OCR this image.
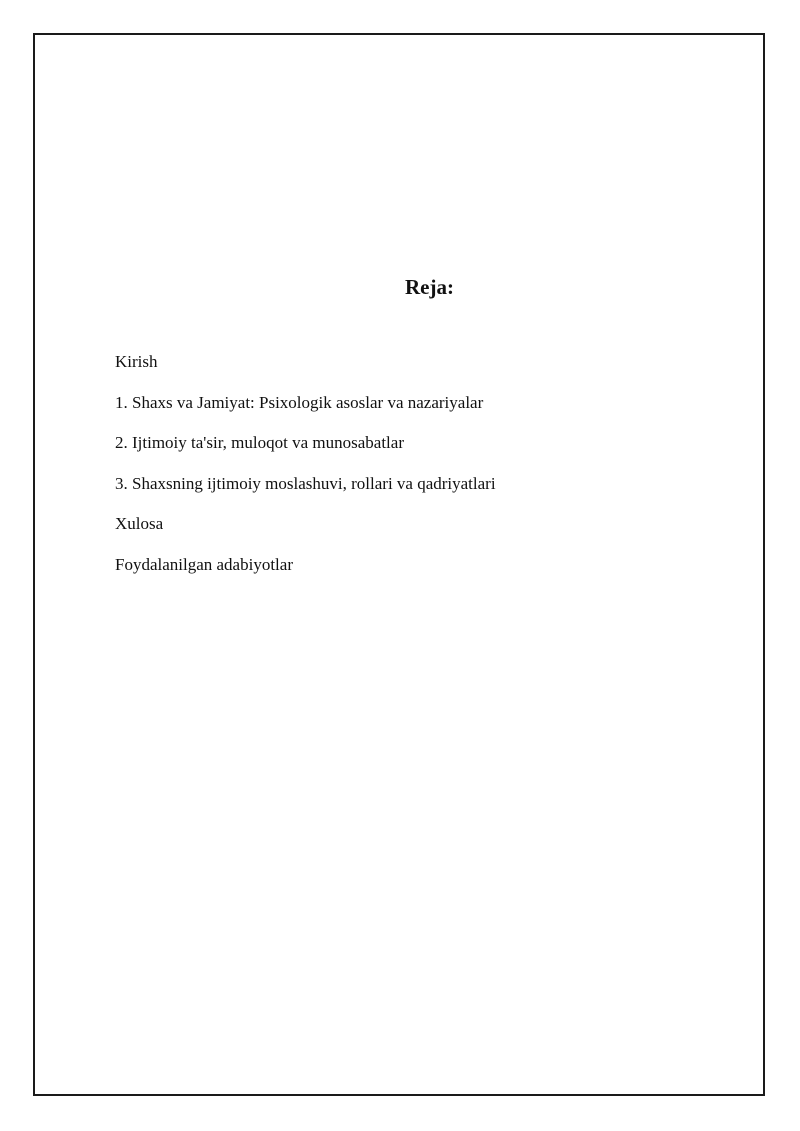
Reja:
Kirish
1. Shaxs va Jamiyat: Psixologik asoslar va nazariyalar
2. Ijtimoiy ta'sir, muloqot va munosabatlar
3. Shaxsning ijtimoiy moslashuvi, rollari va qadriyatlari
Xulosa
Foydalanilgan adabiyotlar
